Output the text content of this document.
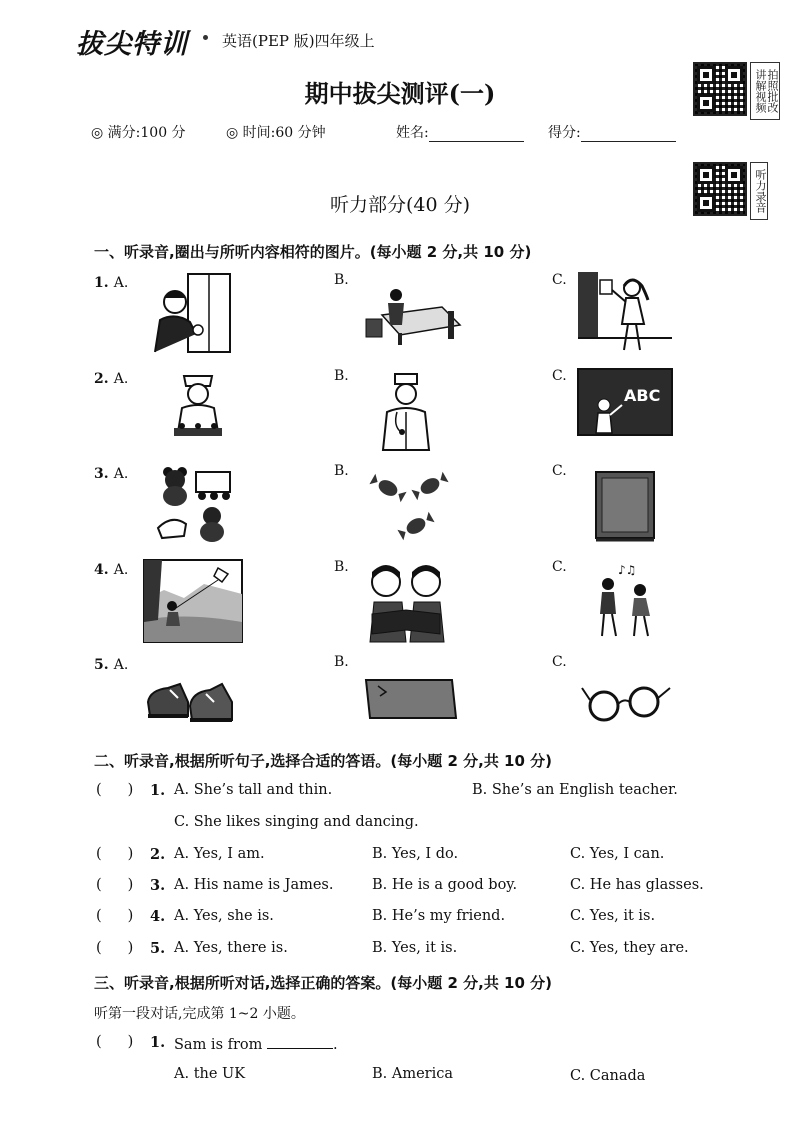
拔尖特训 英语(PEP 版)四年级上
期中拔尖测评(一)	拍照批改讲解视频
听力录音
◎ 满分:100 分	◎ 时间:60 分钟	姓名:	得分:
听力部分(40 分)
一、听录音,圈出与所听内容相符的图片。(每小题 2 分,共 10 分)
1. A.	B.	C.
2. A.	B.	C.
3. A.	B.	C.
4. A.	B.	C.
5. A.	B.	C.
ABC
♪♫
二、听录音,根据所听句子,选择合适的答语。(每小题 2 分,共 10 分)
( ) 1. A. She’s tall and thin.	B. She’s an English teacher.
C. She likes singing and dancing.
( ) 2. A. Yes, I am.	B. Yes, I do.	C. Yes, I can.
( ) 3. A. His name is James.	B. He is a good boy.	C. He has glasses.
( ) 4. A. Yes, she is.	B. He’s my friend.	C. Yes, it is.
( ) 5. A. Yes, there is.	B. Yes, it is.	C. Yes, they are.
三、听录音,根据所听对话,选择正确的答案。(每小题 2 分,共 10 分)
听第一段对话,完成第 1~2 小题。
( ) 1. Sam is from	.
A. the UK	B. America	C. Canada
